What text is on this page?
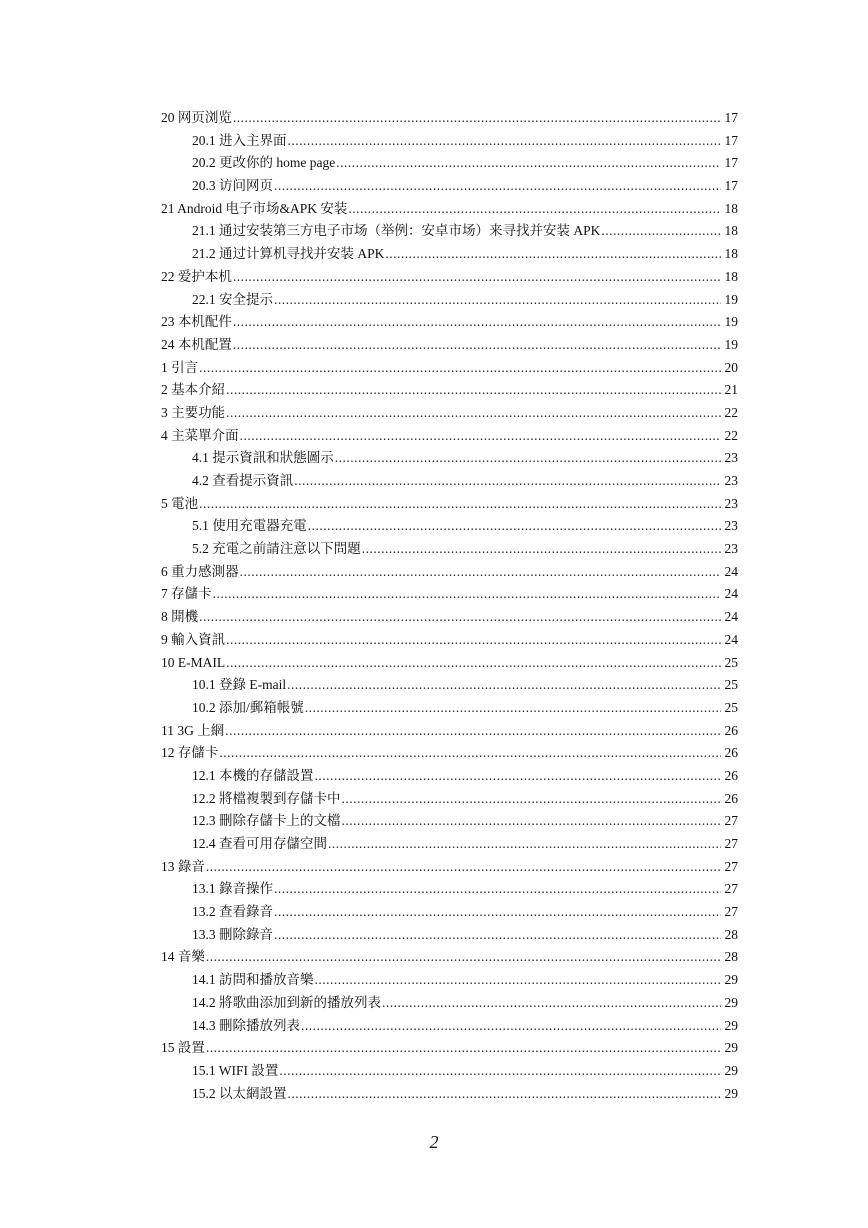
20 网页浏览 .....	17
20.1 进入主界面 .....	17
20.2 更改你的 home page .....	17
20.3 访问网页 .....	17
21 Android 电子市场&APK 安装 .....	18
21.1 通过安装第三方电子市场（举例：安卓市场）来寻找并安装 APK .....	18
21.2 通过计算机寻找并安装 APK .....	18
22 爱护本机 .....	18
22.1 安全提示 .....	19
23 本机配件 .....	19
24 本机配置 .....	19
1 引言 .....	20
2 基本介紹 .....	21
3 主要功能 .....	22
4 主菜單介面 .....	22
4.1 提示資訊和狀態圖示 .....	23
4.2 查看提示資訊 .....	23
5 電池 .....	23
5.1 使用充電器充電 .....	23
5.2 充電之前請注意以下問題 .....	23
6 重力感測器 .....	24
7 存儲卡 .....	24
8 開機 .....	24
9 輸入資訊 .....	24
10 E-MAIL .....	25
10.1 登錄 E-mail .....	25
10.2 添加/郵箱帳號 .....	25
11 3G 上網 .....	26
12 存儲卡 .....	26
12.1 本機的存儲設置 .....	26
12.2 將檔複製到存儲卡中 .....	26
12.3 刪除存儲卡上的文檔 .....	27
12.4 查看可用存儲空間 .....	27
13 錄音 .....	27
13.1 錄音操作 .....	27
13.2 查看錄音 .....	27
13.3 刪除錄音 .....	28
14 音樂 .....	28
14.1 訪問和播放音樂 .....	29
14.2 將歌曲添加到新的播放列表 .....	29
14.3 刪除播放列表 .....	29
15 設置 .....	29
15.1 WIFI 設置 .....	29
15.2 以太網設置 .....	29
2
